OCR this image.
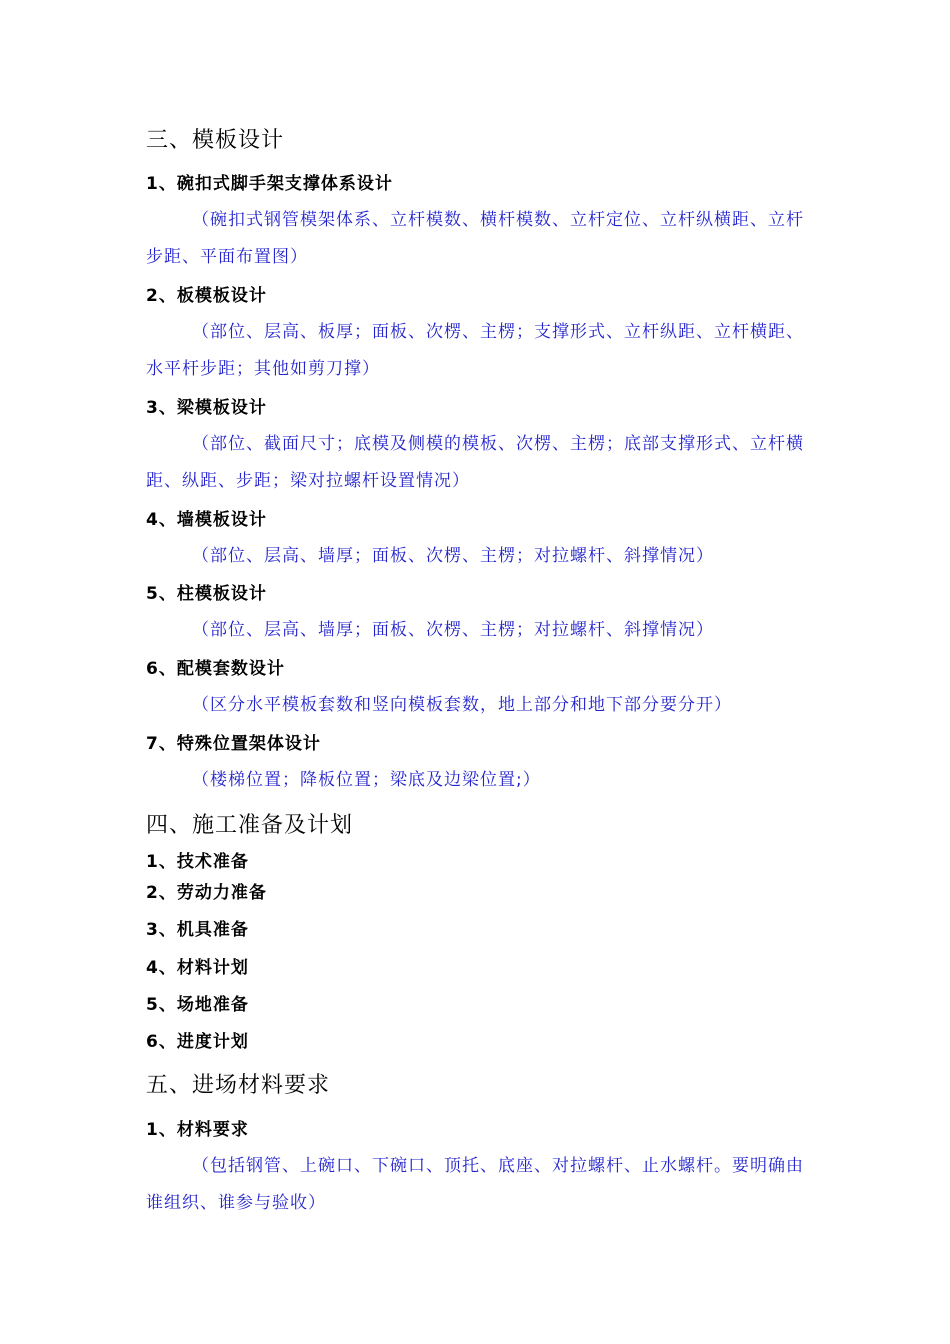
三、模板设计
1、碗扣式脚手架支撑体系设计
（碗扣式钢管模架体系、立杆模数、横杆模数、立杆定位、立杆纵横距、立杆步距、平面布置图）
2、板模板设计
（部位、层高、板厚；面板、次楞、主楞；支撑形式、立杆纵距、立杆横距、水平杆步距；其他如剪刀撑）
3、梁模板设计
（部位、截面尺寸；底模及侧模的模板、次楞、主楞；底部支撑形式、立杆横距、纵距、步距；梁对拉螺杆设置情况）
4、墙模板设计
（部位、层高、墙厚；面板、次楞、主楞；对拉螺杆、斜撑情况）
5、柱模板设计
（部位、层高、墙厚；面板、次楞、主楞；对拉螺杆、斜撑情况）
6、配模套数设计
（区分水平模板套数和竖向模板套数，地上部分和地下部分要分开）
7、特殊位置架体设计
（楼梯位置；降板位置；梁底及边梁位置;）
四、施工准备及计划
1、技术准备
2、劳动力准备
3、机具准备
4、材料计划
5、场地准备
6、进度计划
五、进场材料要求
1、材料要求
（包括钢管、上碗口、下碗口、顶托、底座、对拉螺杆、止水螺杆。要明确由谁组织、谁参与验收）
